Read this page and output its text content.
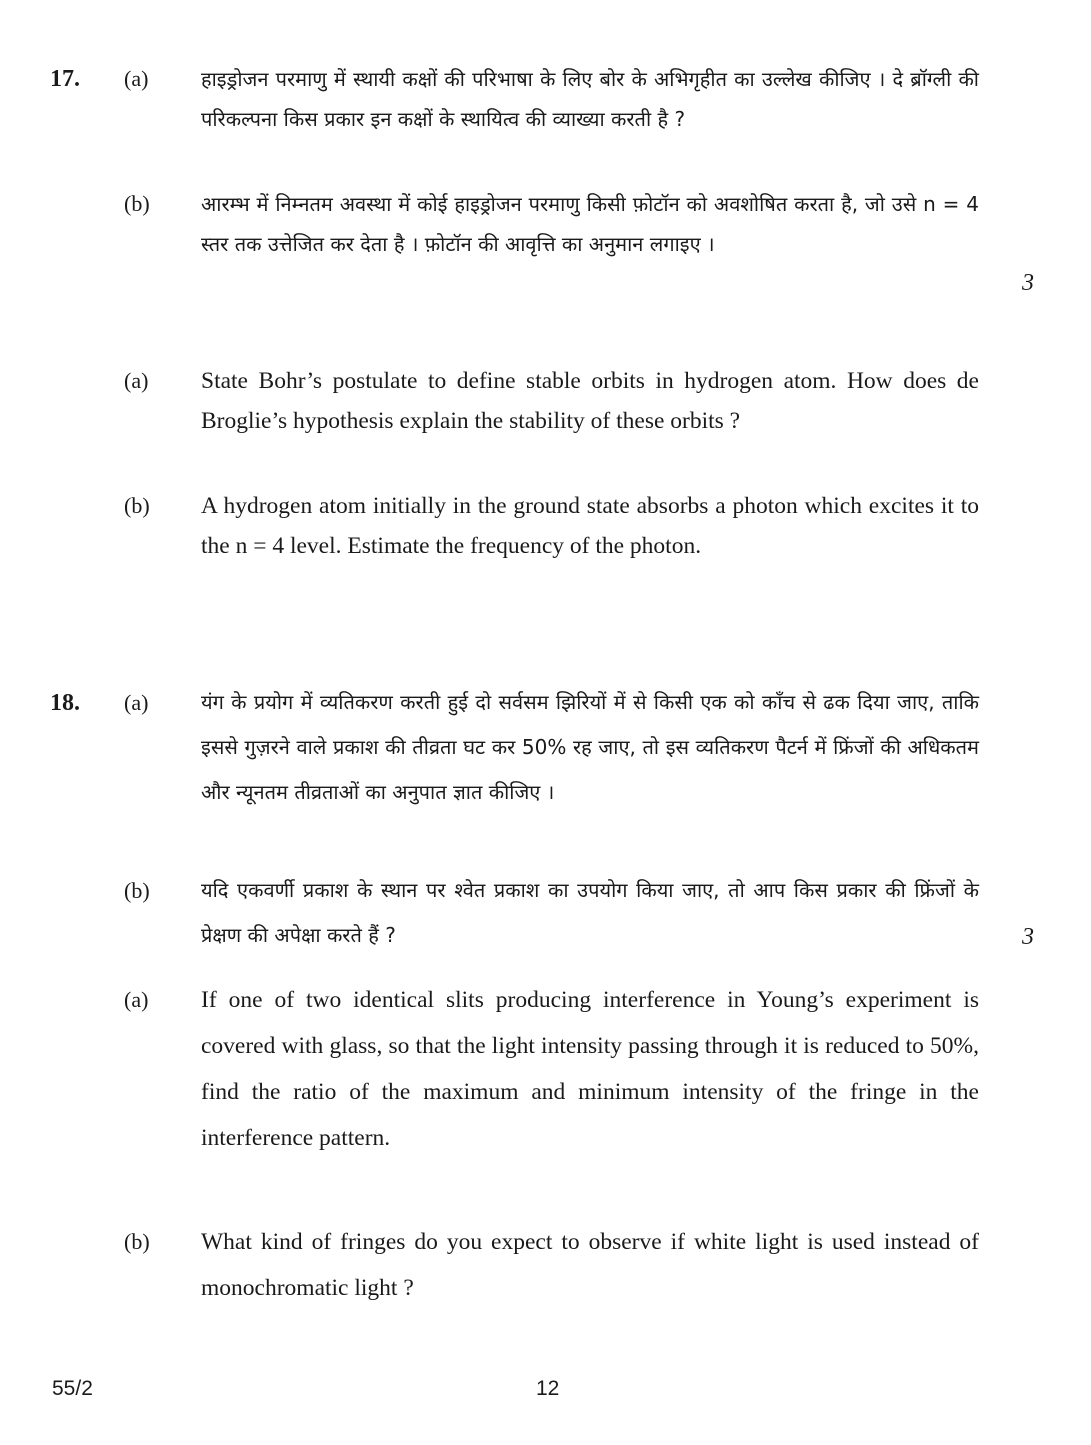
17. (a)	हाइड्रोजन परमाणु में स्थायी कक्षों की परिभाषा के लिए बोर के अभिगृहीत का उल्लेख कीजिए । दे ब्रॉग्ली की परिकल्पना किस प्रकार इन कक्षों के स्थायित्व की व्याख्या करती है ?
(b)	आरम्भ में निम्नतम अवस्था में कोई हाइड्रोजन परमाणु किसी फ़ोटॉन को अवशोषित करता है, जो उसे n = 4 स्तर तक उत्तेजित कर देता है । फ़ोटॉन की आवृत्ति का अनुमान लगाइए ।
3
(a) State Bohr’s postulate to define stable orbits in hydrogen atom. How does de Broglie’s hypothesis explain the stability of these orbits ?
(b) A hydrogen atom initially in the ground state absorbs a photon which excites it to the n = 4 level. Estimate the frequency of the photon.
18. (a)	यंग के प्रयोग में व्यतिकरण करती हुई दो सर्वसम झिरियों में से किसी एक को काँच से ढक दिया जाए, ताकि इससे गुज़रने वाले प्रकाश की तीव्रता घट कर 50% रह जाए, तो इस व्यतिकरण पैटर्न में फ्रिंजों की अधिकतम और न्यूनतम तीव्रताओं का अनुपात ज्ञात कीजिए ।
(b)	यदि एकवर्णी प्रकाश के स्थान पर श्वेत प्रकाश का उपयोग किया जाए, तो आप किस प्रकार की फ्रिंजों के प्रेक्षण की अपेक्षा करते हैं ?	3
(a) If one of two identical slits producing interference in Young’s experiment is covered with glass, so that the light intensity passing through it is reduced to 50%, find the ratio of the maximum and minimum intensity of the fringe in the interference pattern.
(b) What kind of fringes do you expect to observe if white light is used instead of monochromatic light ?
55/2	12
